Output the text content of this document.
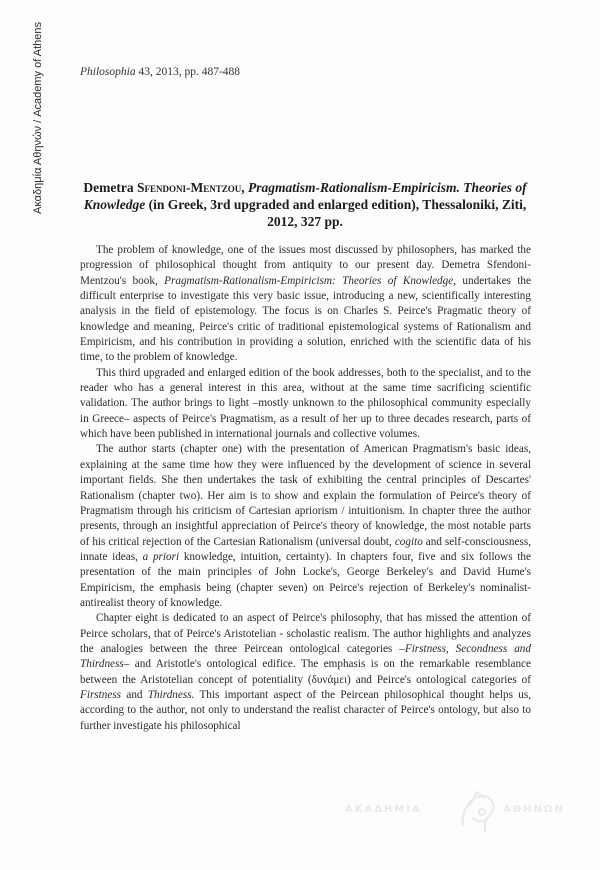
Ακαδημία Αθηνών / Academy of Athens	Philosophia 43, 2013, pp. 487-488
Demetra Sfendoni-Mentzou, Pragmatism-Rationalism-Empiricism. Theories of Knowledge (in Greek, 3rd upgraded and enlarged edition), Thessaloniki, Ziti, 2012, 327 pp.

The problem of knowledge, one of the issues most discussed by philosophers, has marked the progression of philosophical thought from antiquity to our present day. Demetra Sfendoni-Mentzou's book, Pragmatism-Rationalism-Empiricism: Theories of Knowledge, undertakes the difficult enterprise to investigate this very basic issue, introducing a new, scientifically interesting analysis in the field of epistemology. The focus is on Charles S. Peirce's Pragmatic theory of knowledge and meaning, Peirce's critic of traditional epistemological systems of Rationalism and Empiricism, and his contribution in providing a solution, enriched with the scientific data of his time, to the problem of knowledge.

This third upgraded and enlarged edition of the book addresses, both to the specialist, and to the reader who has a general interest in this area, without at the same time sacrificing scientific validation. The author brings to light –mostly unknown to the philosophical community especially in Greece– aspects of Peirce's Pragmatism, as a result of her up to three decades research, parts of which have been published in international journals and collective volumes.

The author starts (chapter one) with the presentation of American Pragmatism's basic ideas, explaining at the same time how they were influenced by the development of science in several important fields. She then undertakes the task of exhibiting the central principles of Descartes' Rationalism (chapter two). Her aim is to show and explain the formulation of Peirce's theory of Pragmatism through his criticism of Cartesian apriorism / intuitionism. In chapter three the author presents, through an insightful appreciation of Peirce's theory of knowledge, the most notable parts of his critical rejection of the Cartesian Rationalism (universal doubt, cogito and self-consciousness, innate ideas, a priori knowledge, intuition, certainty). In chapters four, five and six follows the presentation of the main principles of John Locke's, George Berkeley's and David Hume's Empiricism, the emphasis being (chapter seven) on Peirce's rejection of Berkeley's nominalist-antirealist theory of knowledge.

Chapter eight is dedicated to an aspect of Peirce's philosophy, that has missed the attention of Peirce scholars, that of Peirce's Aristotelian - scholastic realism. The author highlights and analyzes the analogies between the three Peircean ontological categories –Firstness, Secondness and Thirdness– and Aristotle's ontological edifice. The emphasis is on the remarkable resemblance between the Aristotelian concept of potentiality (δυνάμει) and Peirce's ontological categories of Firstness and Thirdness. This important aspect of the Peircean philosophical thought helps us, according to the author, not only to understand the realist character of Peirce's ontology, but also to further investigate his philosophical

ΑΚΑΔΗΜΙΑ	ΑΘΗΝΩΝ
